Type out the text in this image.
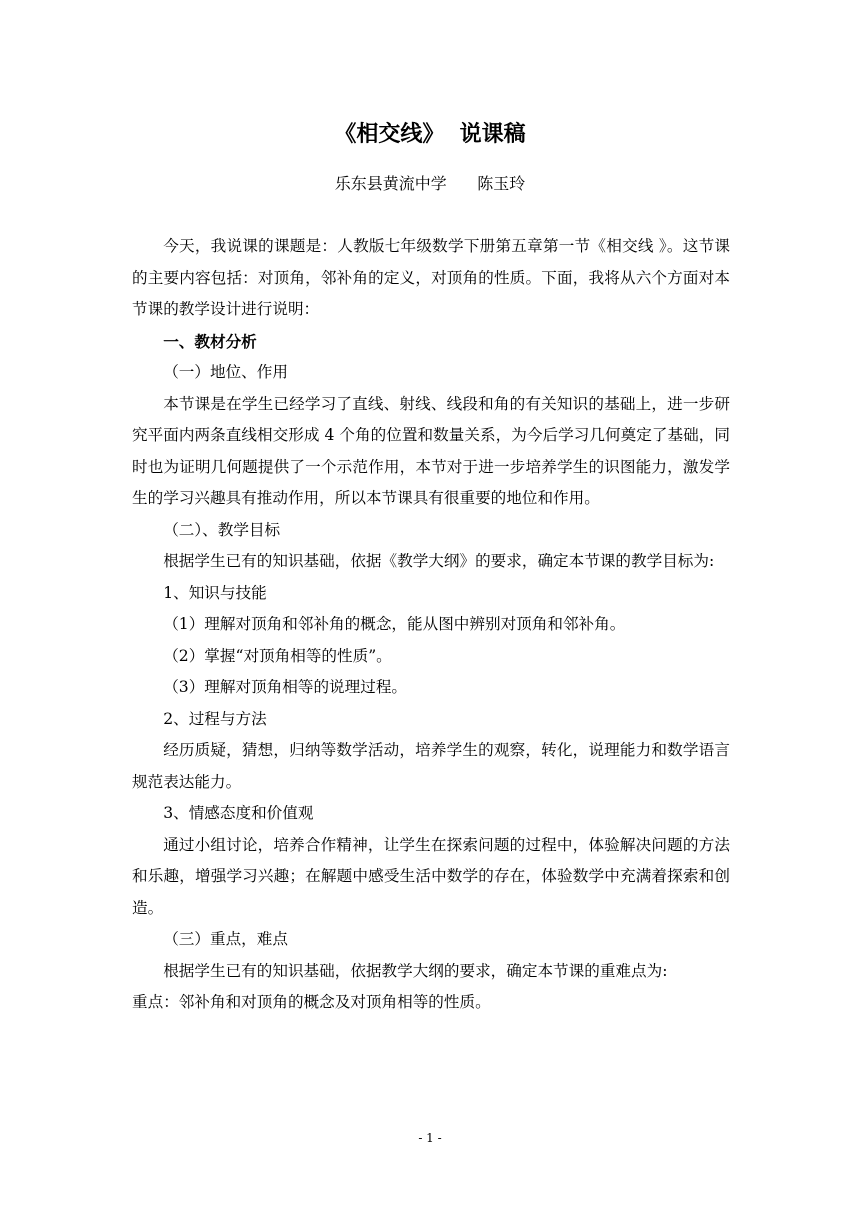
《相交线》  说课稿
乐东县黄流中学      陈玉玲

今天，我说课的课题是：人教版七年级数学下册第五章第一节《相交线 》。这节课的主要内容包括：对顶角，邻补角的定义，对顶角的性质。下面，我将从六个方面对本节课的教学设计进行说明：

一、教材分析

（一）地位、作用

本节课是在学生已经学习了直线、射线、线段和角的有关知识的基础上，进一步研究平面内两条直线相交形成 4 个角的位置和数量关系，为今后学习几何奠定了基础，同时也为证明几何题提供了一个示范作用，本节对于进一步培养学生的识图能力，激发学生的学习兴趣具有推动作用，所以本节课具有很重要的地位和作用。

（二）、教学目标

根据学生已有的知识基础，依据《教学大纲》的要求，确定本节课的教学目标为:

1、知识与技能

（1）理解对顶角和邻补角的概念，能从图中辨别对顶角和邻补角。

（2）掌握“对顶角相等的性质”。

（3）理解对顶角相等的说理过程。

2、过程与方法

经历质疑，猜想，归纳等数学活动，培养学生的观察，转化，说理能力和数学语言规范表达能力。

3、情感态度和价值观

通过小组讨论，培养合作精神，让学生在探索问题的过程中，体验解决问题的方法和乐趣，增强学习兴趣；在解题中感受生活中数学的存在，体验数学中充满着探索和创造。

（三）重点，难点

根据学生已有的知识基础，依据教学大纲的要求，确定本节课的重难点为:

重点：邻补角和对顶角的概念及对顶角相等的性质。

- 1 -
